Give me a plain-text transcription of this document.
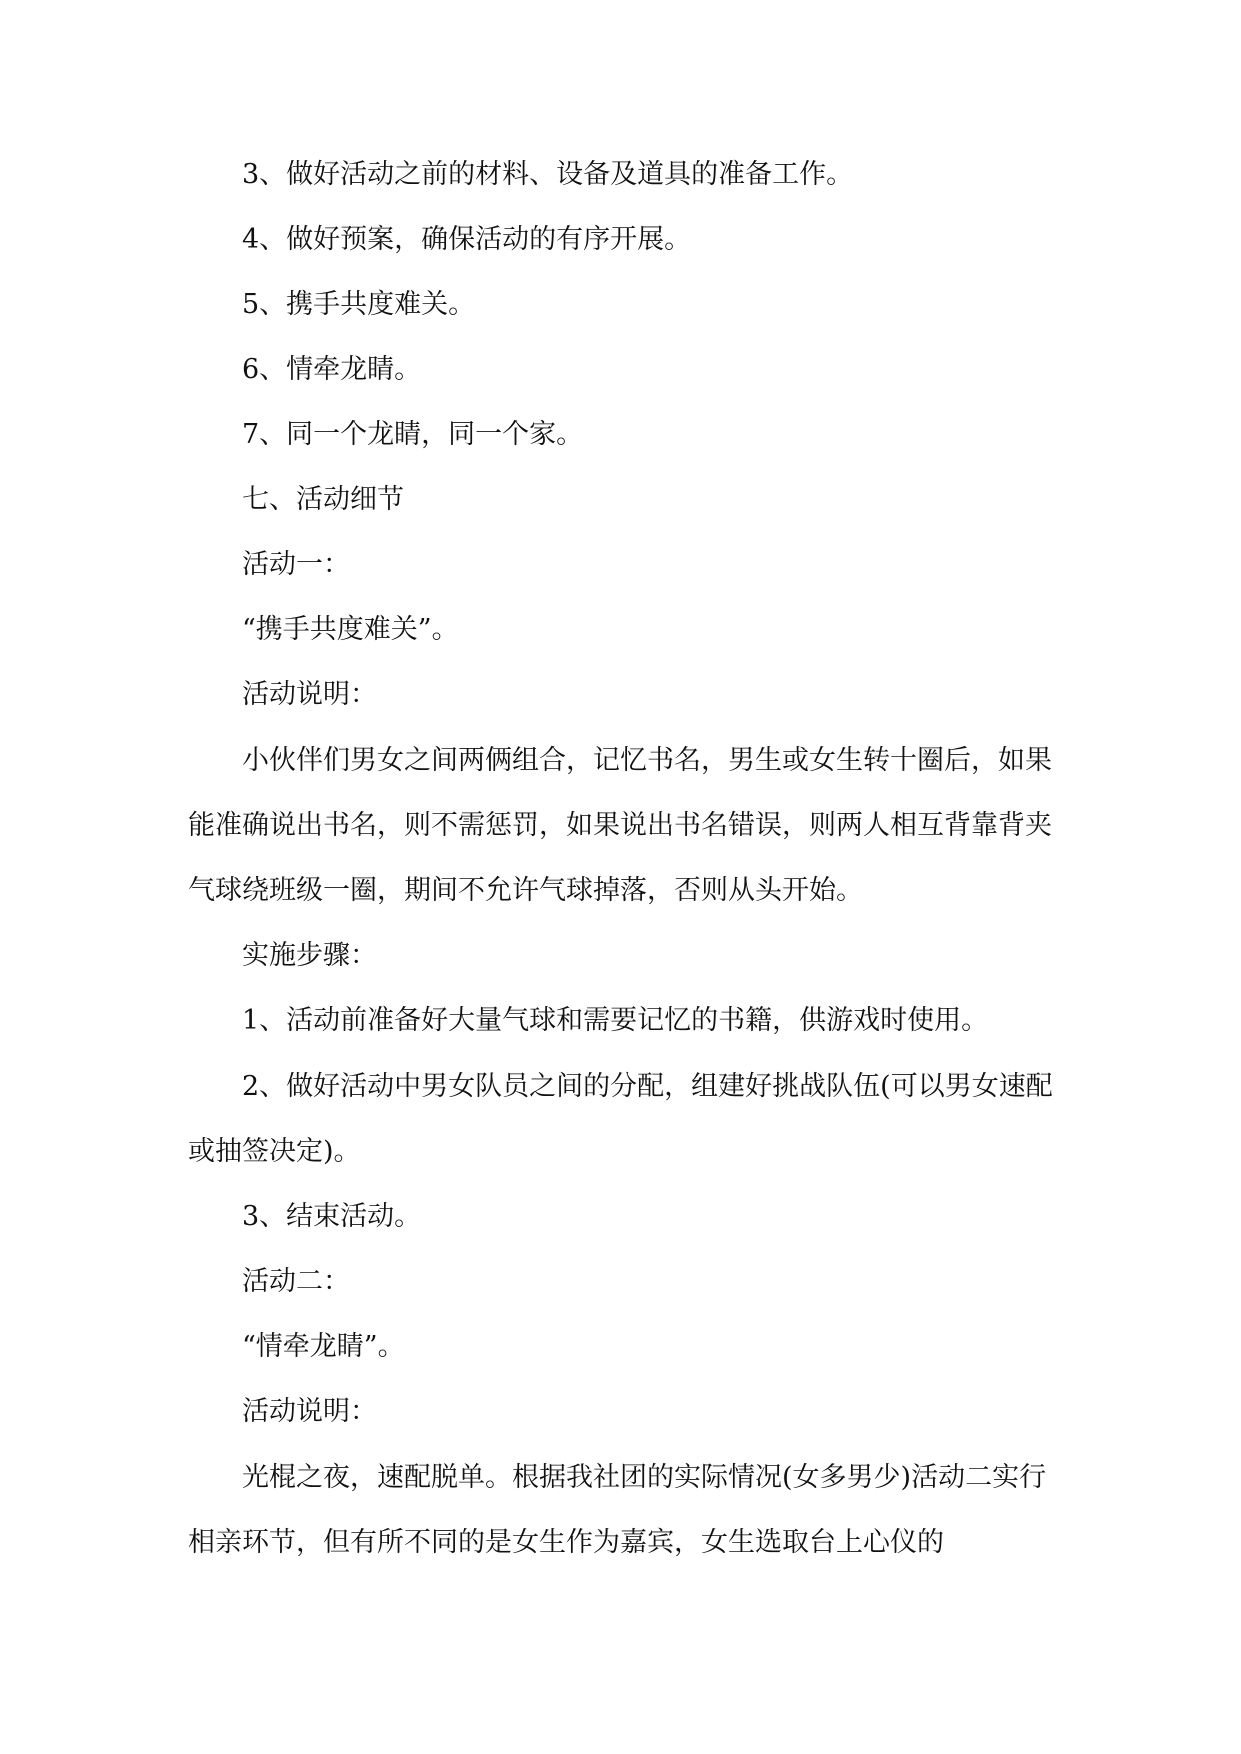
3、做好活动之前的材料、设备及道具的准备工作。

4、做好预案，确保活动的有序开展。

5、携手共度难关。

6、情牵龙睛。

7、同一个龙睛，同一个家。

七、活动细节

活动一：

“携手共度难关”。

活动说明：

小伙伴们男女之间两俩组合，记忆书名，男生或女生转十圈后，如果能准确说出书名，则不需惩罚，如果说出书名错误，则两人相互背靠背夹气球绕班级一圈，期间不允许气球掉落，否则从头开始。

实施步骤：

1、活动前准备好大量气球和需要记忆的书籍，供游戏时使用。

2、做好活动中男女队员之间的分配，组建好挑战队伍(可以男女速配或抽签决定)。

3、结束活动。

活动二：

“情牵龙睛”。

活动说明：

光棍之夜，速配脱单。根据我社团的实际情况(女多男少)活动二实行相亲环节，但有所不同的是女生作为嘉宾，女生选取台上心仪的
